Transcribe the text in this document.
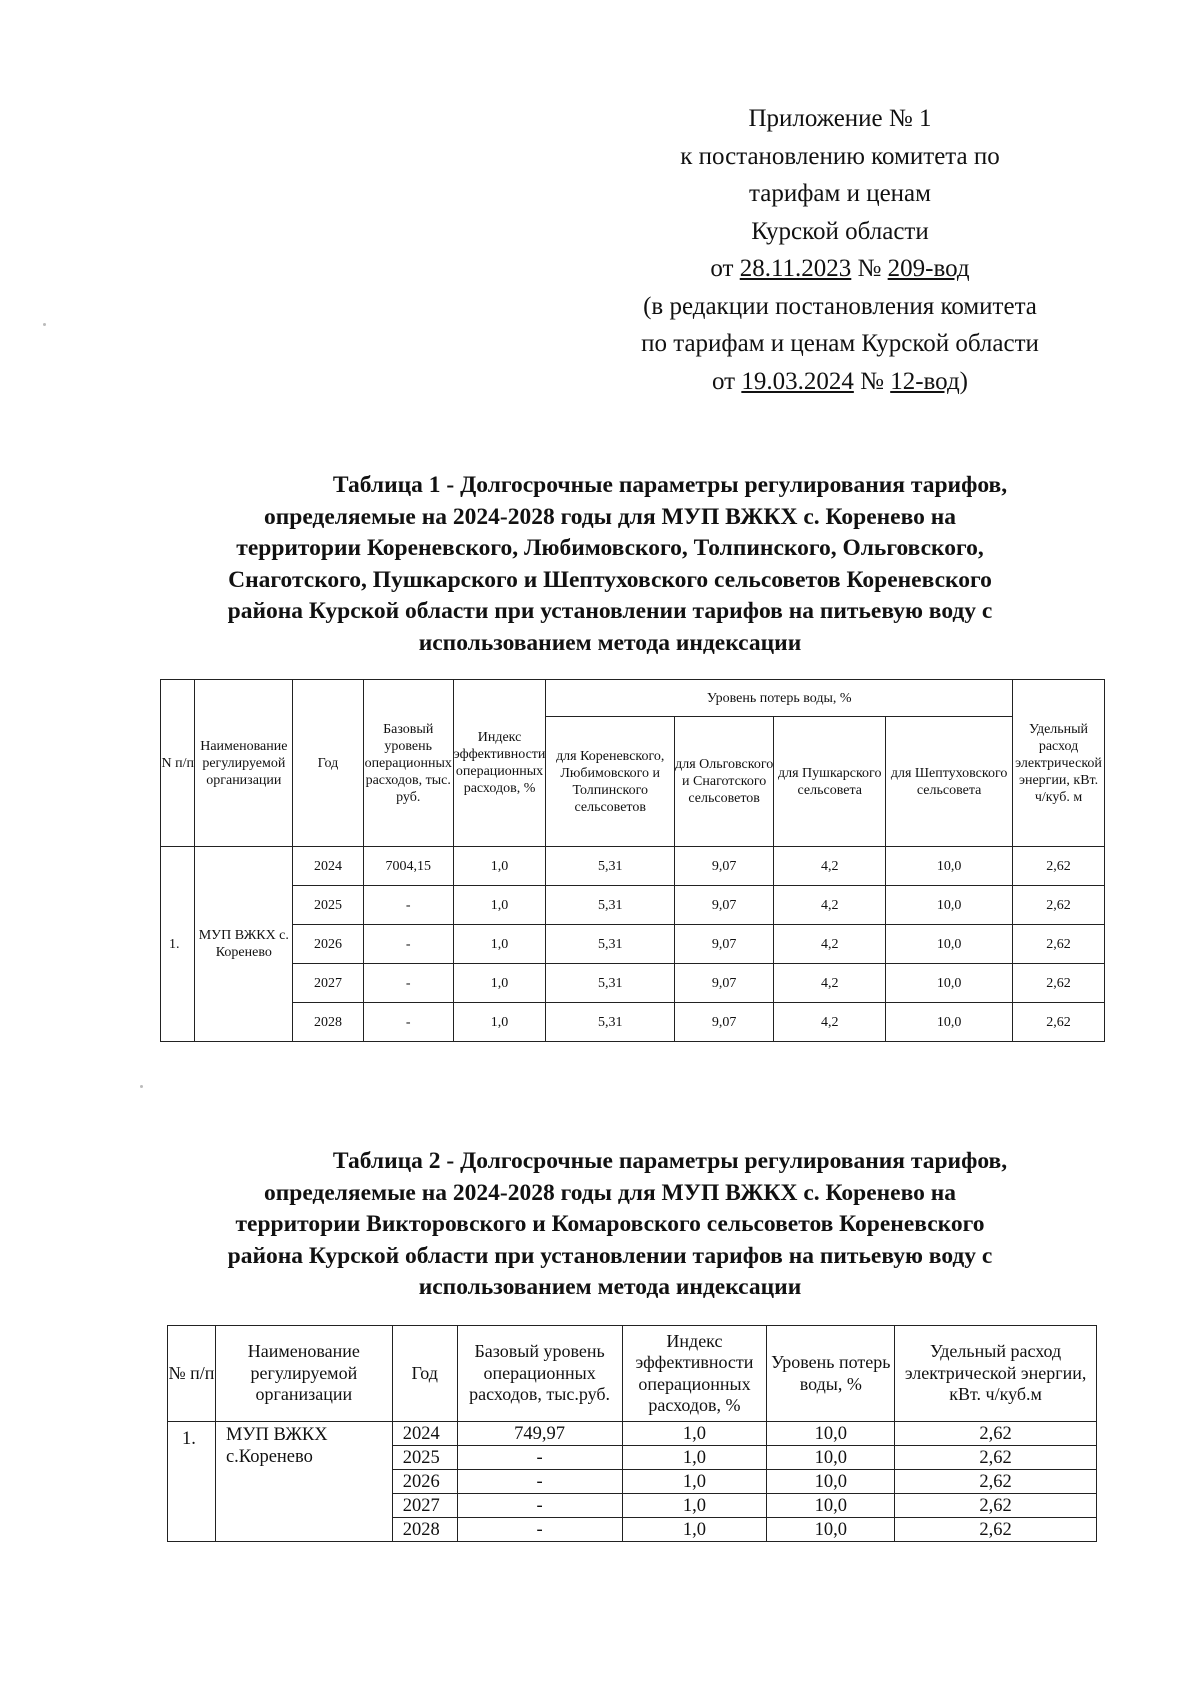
Приложение № 1
к постановлению комитета по
тарифам и ценам
Курской области
от 28.11.2023 № 209-вод
(в редакции постановления комитета
по тарифам и ценам Курской области
от 19.03.2024 № 12-вод)
Таблица 1 - Долгосрочные параметры регулирования тарифов,
определяемые на 2024-2028 годы для МУП ВЖКХ с. Коренево на
территории Кореневского, Любимовского, Толпинского, Ольговского,
Снаготского, Пушкарского и Шептуховского сельсоветов Кореневского
района Курской области при установлении тарифов на питьевую воду с
использованием метода индексации
N п/п	Наименование регулируемой организации	Год	Базовый уровень операционных расходов, тыс. руб.	Индекс эффективности операционных расходов, %	Уровень потерь воды, %				Удельный расход электрической энергии, кВт. ч/куб. м
					для Кореневского, Любимовского и Толпинского сельсоветов	для Ольговского и Снаготского сельсоветов	для Пушкарского сельсовета	для Шептуховского сельсовета	
1.	МУП ВЖКХ с. Коренево	2024	7004,15	1,0	5,31	9,07	4,2	10,0	2,62
		2025	-	1,0	5,31	9,07	4,2	10,0	2,62
		2026	-	1,0	5,31	9,07	4,2	10,0	2,62
		2027	-	1,0	5,31	9,07	4,2	10,0	2,62
		2028	-	1,0	5,31	9,07	4,2	10,0	2,62
Таблица 2 - Долгосрочные параметры регулирования тарифов,
определяемые на 2024-2028 годы для МУП ВЖКХ с. Коренево на
территории Викторовского и Комаровского сельсоветов Кореневского
района Курской области при установлении тарифов на питьевую воду с
использованием метода индексации
№ п/п	Наименование регулируемой организации	Год	Базовый уровень операционных расходов, тыс.руб.	Индекс эффективности операционных расходов, %	Уровень потерь воды, %	Удельный расход электрической энергии, кВт. ч/куб.м
1.	МУП ВЖКХ с.Коренево	2024	749,97	1,0	10,0	2,62
		2025	-	1,0	10,0	2,62
		2026	-	1,0	10,0	2,62
		2027	-	1,0	10,0	2,62
		2028	-	1,0	10,0	2,62
